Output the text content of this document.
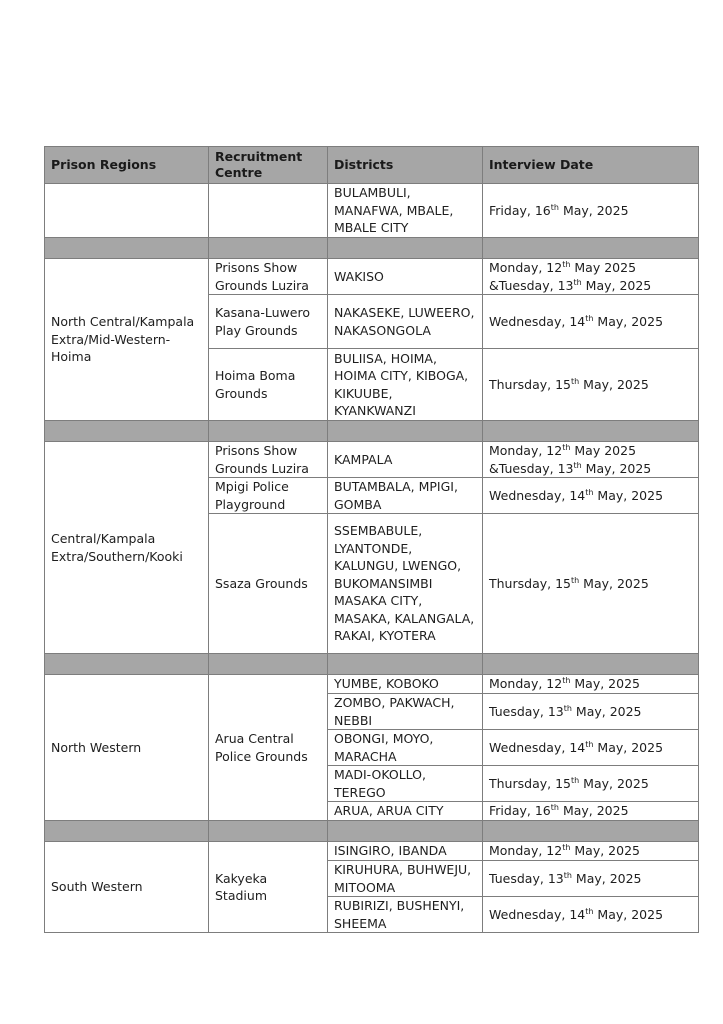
Prison Regions	Recruitment Centre	Districts	Interview Date
		BULAMBULI, MANAFWA, MBALE, MBALE CITY	Friday, 16th May, 2025

North Central/Kampala Extra/Mid-Western-Hoima	Prisons Show Grounds Luzira	WAKISO	Monday, 12th May 2025 &Tuesday, 13th May, 2025
	Kasana-Luwero Play Grounds	NAKASEKE, LUWEERO, NAKASONGOLA	Wednesday, 14th May, 2025
	Hoima Boma Grounds	BULIISA, HOIMA, HOIMA CITY, KIBOGA, KIKUUBE, KYANKWANZI	Thursday, 15th May, 2025

Central/Kampala Extra/Southern/Kooki	Prisons Show Grounds Luzira	KAMPALA	Monday, 12th May 2025 &Tuesday, 13th May, 2025
	Mpigi Police Playground	BUTAMBALA, MPIGI, GOMBA	Wednesday, 14th May, 2025
	Ssaza Grounds	SSEMBABULE, LYANTONDE, KALUNGU, LWENGO, BUKOMANSIMBI MASAKA CITY, MASAKA, KALANGALA, RAKAI, KYOTERA	Thursday, 15th May, 2025

North Western	Arua Central Police Grounds	YUMBE, KOBOKO	Monday, 12th May, 2025
		ZOMBO, PAKWACH, NEBBI	Tuesday, 13th May, 2025
		OBONGI, MOYO, MARACHA	Wednesday, 14th May, 2025
		MADI-OKOLLO, TEREGO	Thursday, 15th May, 2025
		ARUA, ARUA CITY	Friday, 16th May, 2025

South Western	Kakyeka Stadium	ISINGIRO, IBANDA	Monday, 12th May, 2025
		KIRUHURA, BUHWEJU, MITOOMA	Tuesday, 13th May, 2025
		RUBIRIZI, BUSHENYI, SHEEMA	Wednesday, 14th May, 2025
